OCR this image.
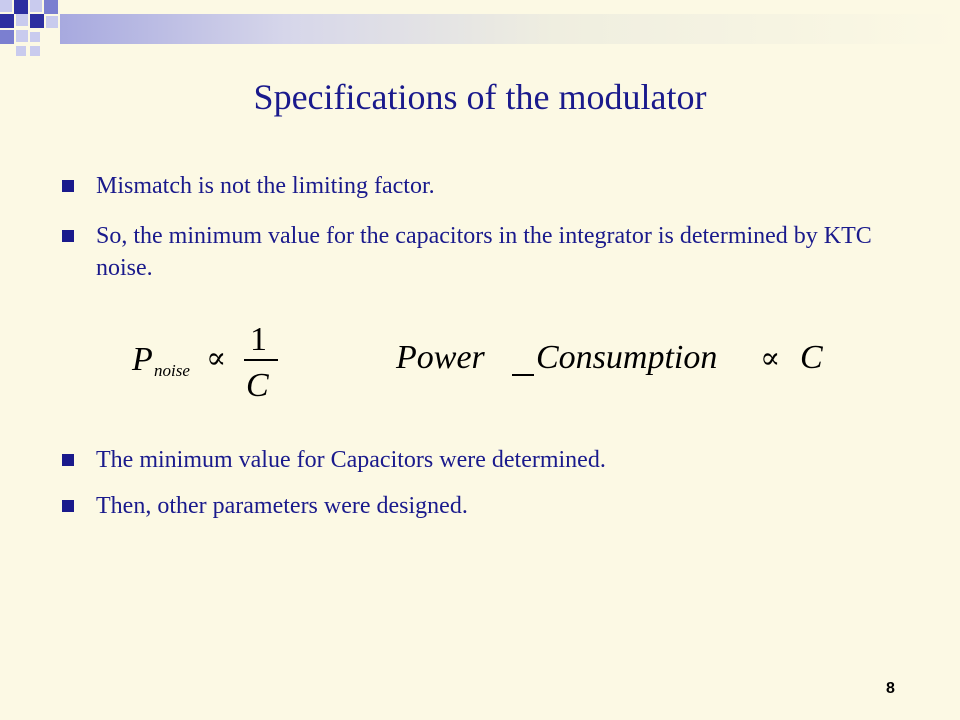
Specifications of the modulator
Mismatch is not the limiting factor.
So, the minimum value for the capacitors in the integrator is determined by KTC noise.
The minimum value for Capacitors were determined.
Then, other parameters were designed.
P noise ∝
1
C
Power Consumption ∝ C
8
